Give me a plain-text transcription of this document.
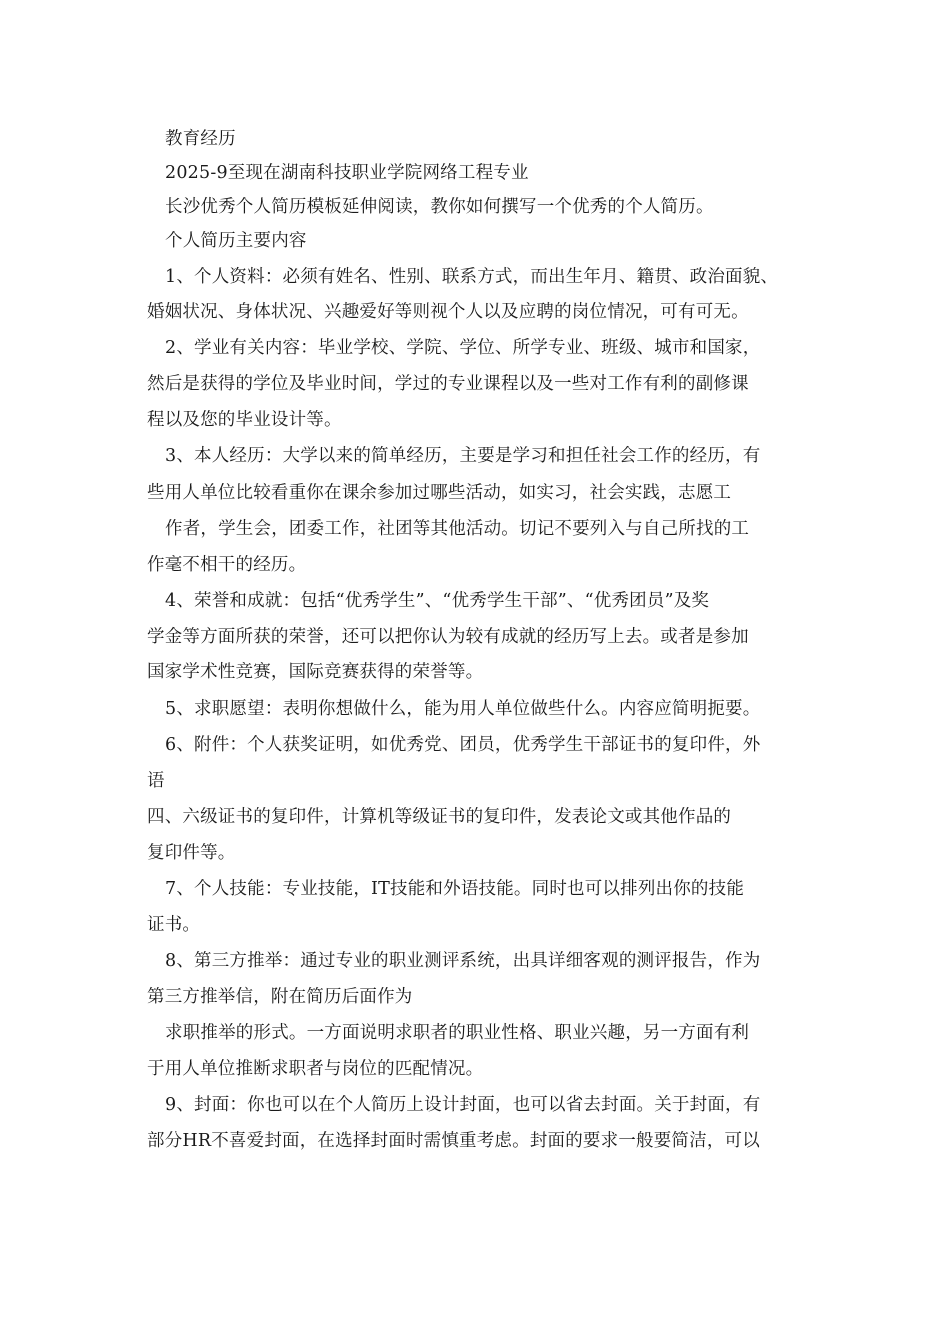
教育经历
2025-9至现在湖南科技职业学院网络工程专业
长沙优秀个人简历模板延伸阅读，教你如何撰写一个优秀的个人简历。
个人简历主要内容
1、个人资料：必须有姓名、性别、联系方式，而出生年月、籍贯、政治面貌、
婚姻状况、身体状况、兴趣爱好等则视个人以及应聘的岗位情况，可有可无。
2、学业有关内容：毕业学校、学院、学位、所学专业、班级、城市和国家，
然后是获得的学位及毕业时间，学过的专业课程以及一些对工作有利的副修课
程以及您的毕业设计等。
3、本人经历：大学以来的简单经历，主要是学习和担任社会工作的经历，有
些用人单位比较看重你在课余参加过哪些活动，如实习，社会实践，志愿工
作者，学生会，团委工作，社团等其他活动。切记不要列入与自己所找的工
作毫不相干的经历。
4、荣誉和成就：包括“优秀学生”、“优秀学生干部”、“优秀团员”及奖
学金等方面所获的荣誉，还可以把你认为较有成就的经历写上去。或者是参加
国家学术性竞赛，国际竞赛获得的荣誉等。
5、求职愿望：表明你想做什么，能为用人单位做些什么。内容应简明扼要。
6、附件：个人获奖证明，如优秀党、团员，优秀学生干部证书的复印件，外
语
四、六级证书的复印件，计算机等级证书的复印件，发表论文或其他作品的
复印件等。
7、个人技能：专业技能，IT技能和外语技能。同时也可以排列出你的技能
证书。
8、第三方推举：通过专业的职业测评系统，出具详细客观的测评报告，作为
第三方推举信，附在简历后面作为
求职推举的形式。一方面说明求职者的职业性格、职业兴趣，另一方面有利
于用人单位推断求职者与岗位的匹配情况。
9、封面：你也可以在个人简历上设计封面，也可以省去封面。关于封面，有
部分HR不喜爱封面，在选择封面时需慎重考虑。封面的要求一般要简洁，可以
